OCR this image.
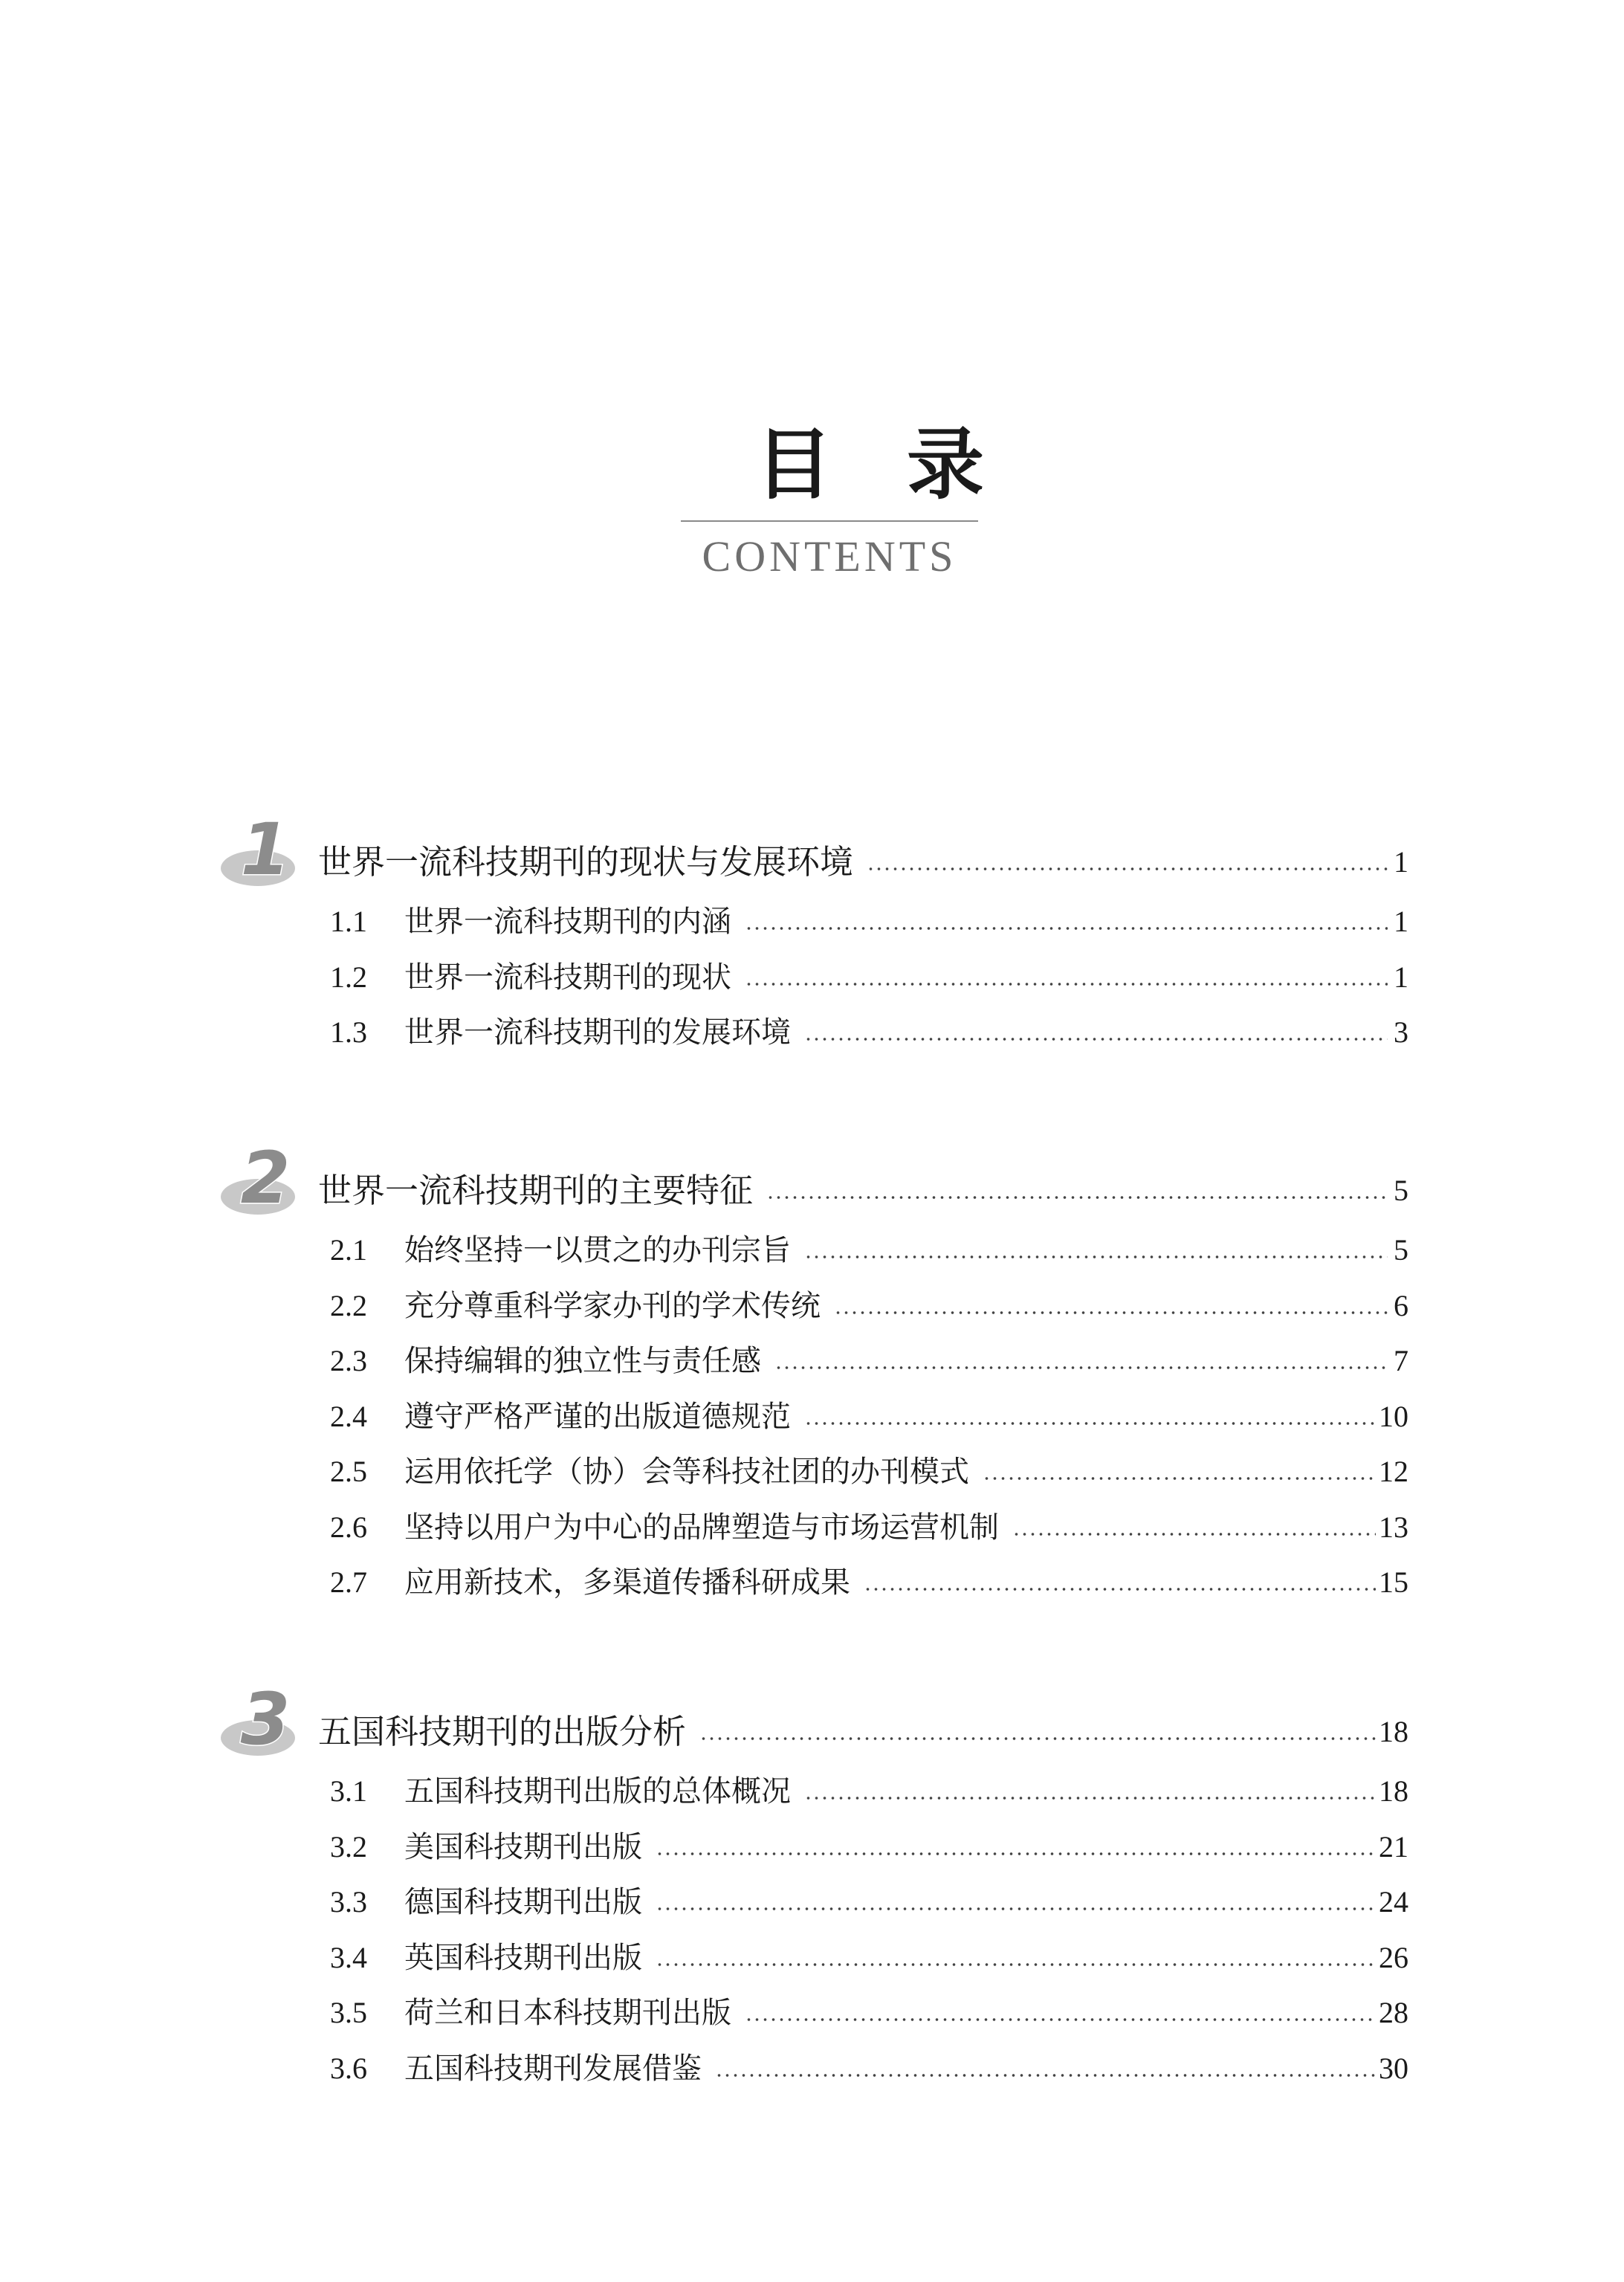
目录
CONTENTS
1 世界一流科技期刊的现状与发展环境	1
1.1	世界一流科技期刊的内涵	1
1.2	世界一流科技期刊的现状	1
1.3	世界一流科技期刊的发展环境	3
2 世界一流科技期刊的主要特征	5
2.1	始终坚持一以贯之的办刊宗旨	5
2.2	充分尊重科学家办刊的学术传统	6
2.3	保持编辑的独立性与责任感	7
2.4	遵守严格严谨的出版道德规范	10
2.5	运用依托学（协）会等科技社团的办刊模式	12
2.6	坚持以用户为中心的品牌塑造与市场运营机制	13
2.7	应用新技术，多渠道传播科研成果	15
3 五国科技期刊的出版分析	18
3.1	五国科技期刊出版的总体概况	18
3.2	美国科技期刊出版	21
3.3	德国科技期刊出版	24
3.4	英国科技期刊出版	26
3.5	荷兰和日本科技期刊出版	28
3.6	五国科技期刊发展借鉴	30
